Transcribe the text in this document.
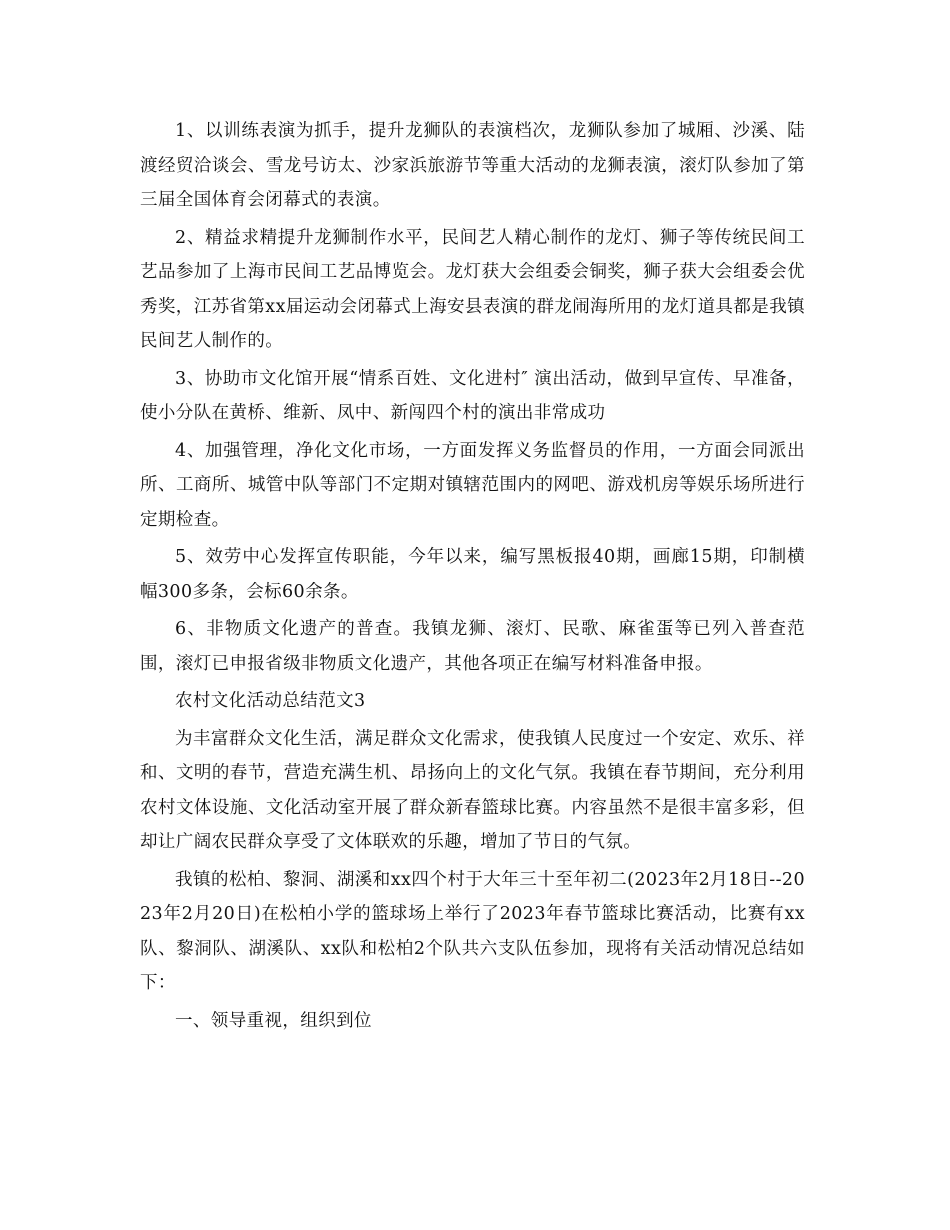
1、以训练表演为抓手，提升龙狮队的表演档次，龙狮队参加了城厢、沙溪、陆渡经贸洽谈会、雪龙号访太、沙家浜旅游节等重大活动的龙狮表演，滚灯队参加了第三届全国体育会闭幕式的表演。

2、精益求精提升龙狮制作水平，民间艺人精心制作的龙灯、狮子等传统民间工艺品参加了上海市民间工艺品博览会。龙灯获大会组委会铜奖，狮子获大会组委会优秀奖，江苏省第xx届运动会闭幕式上海安县表演的群龙闹海所用的龙灯道具都是我镇民间艺人制作的。

3、协助市文化馆开展“情系百姓、文化进村″ 演出活动，做到早宣传、早准备，使小分队在黄桥、维新、凤中、新闯四个村的演出非常成功

4、加强管理，净化文化市场，一方面发挥义务监督员的作用，一方面会同派出所、工商所、城管中队等部门不定期对镇辖范围内的网吧、游戏机房等娱乐场所进行定期检查。

5、效劳中心发挥宣传职能，今年以来，编写黑板报40期，画廊15期，印制横幅300多条，会标60余条。

6、非物质文化遗产的普查。我镇龙狮、滚灯、民歌、麻雀蛋等已列入普查范围，滚灯已申报省级非物质文化遗产，其他各项正在编写材料准备申报。

农村文化活动总结范文3

为丰富群众文化生活，满足群众文化需求，使我镇人民度过一个安定、欢乐、祥和、文明的春节，营造充满生机、昂扬向上的文化气氛。我镇在春节期间，充分利用农村文体设施、文化活动室开展了群众新春篮球比赛。内容虽然不是很丰富多彩，但却让广阔农民群众享受了文体联欢的乐趣，增加了节日的气氛。

我镇的松柏、黎洞、湖溪和xx四个村于大年三十至年初二(2023年2月18日--2023年2月20日)在松柏小学的篮球场上举行了2023年春节篮球比赛活动，比赛有xx队、黎洞队、湖溪队、xx队和松柏2个队共六支队伍参加，现将有关活动情况总结如下：

一、领导重视，组织到位
